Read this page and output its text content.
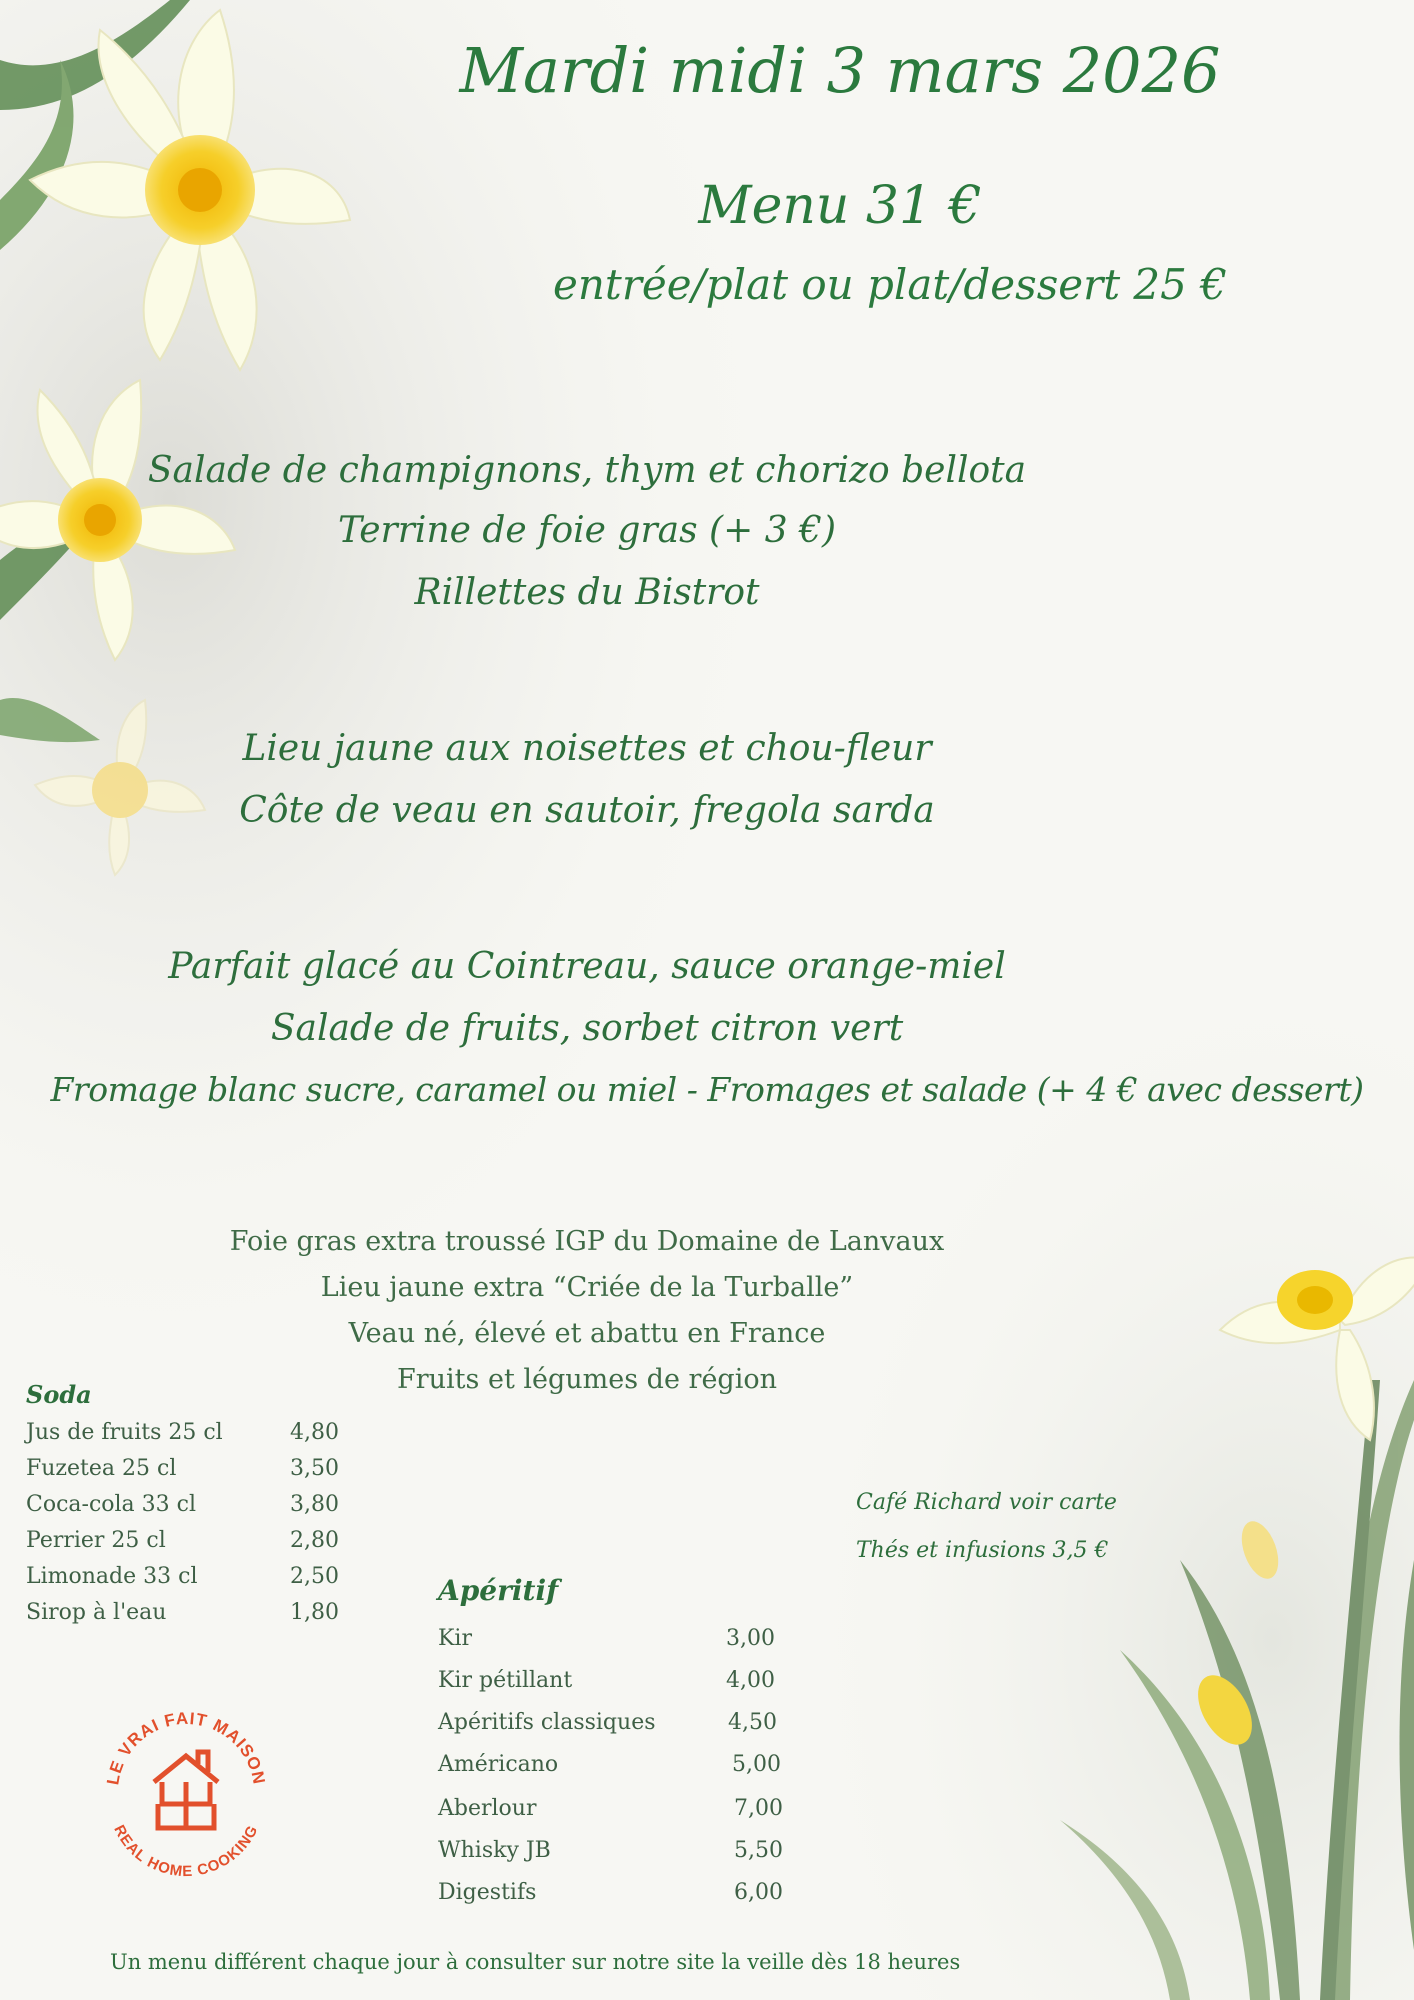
Mardi midi 3 mars 2026
Menu 31 €
entrée/plat ou plat/dessert 25 €
Salade de champignons, thym et chorizo bellota
Terrine de foie gras (+ 3 €)
Rillettes du Bistrot
Lieu jaune aux noisettes et chou-fleur
Côte de veau en sautoir, fregola sarda
Parfait glacé au Cointreau, sauce orange-miel
Salade de fruits, sorbet citron vert
Fromage blanc sucre, caramel ou miel - Fromages et salade (+ 4 € avec dessert)
Foie gras extra troussé IGP du Domaine de Lanvaux
Lieu jaune extra “Criée de la Turballe”
Veau né, élevé et abattu en France
Fruits et légumes de région
Soda
Jus de fruits 25 cl	4,80
Fuzetea 25 cl	3,50
Coca-cola 33 cl	3,80
Perrier 25 cl	2,80
Limonade 33 cl	2,50
Sirop à l'eau	1,80
Apéritif
Kir	3,00
Kir pétillant	4,00
Apéritifs classiques	4,50
Américano	5,00
Aberlour	7,00
Whisky JB	5,50
Digestifs	6,00
Café Richard voir carte
Thés et infusions 3,5 €
LE VRAI FAIT MAISON
REAL HOME COOKING
Un menu différent chaque jour à consulter sur notre site la veille dès 18 heures
